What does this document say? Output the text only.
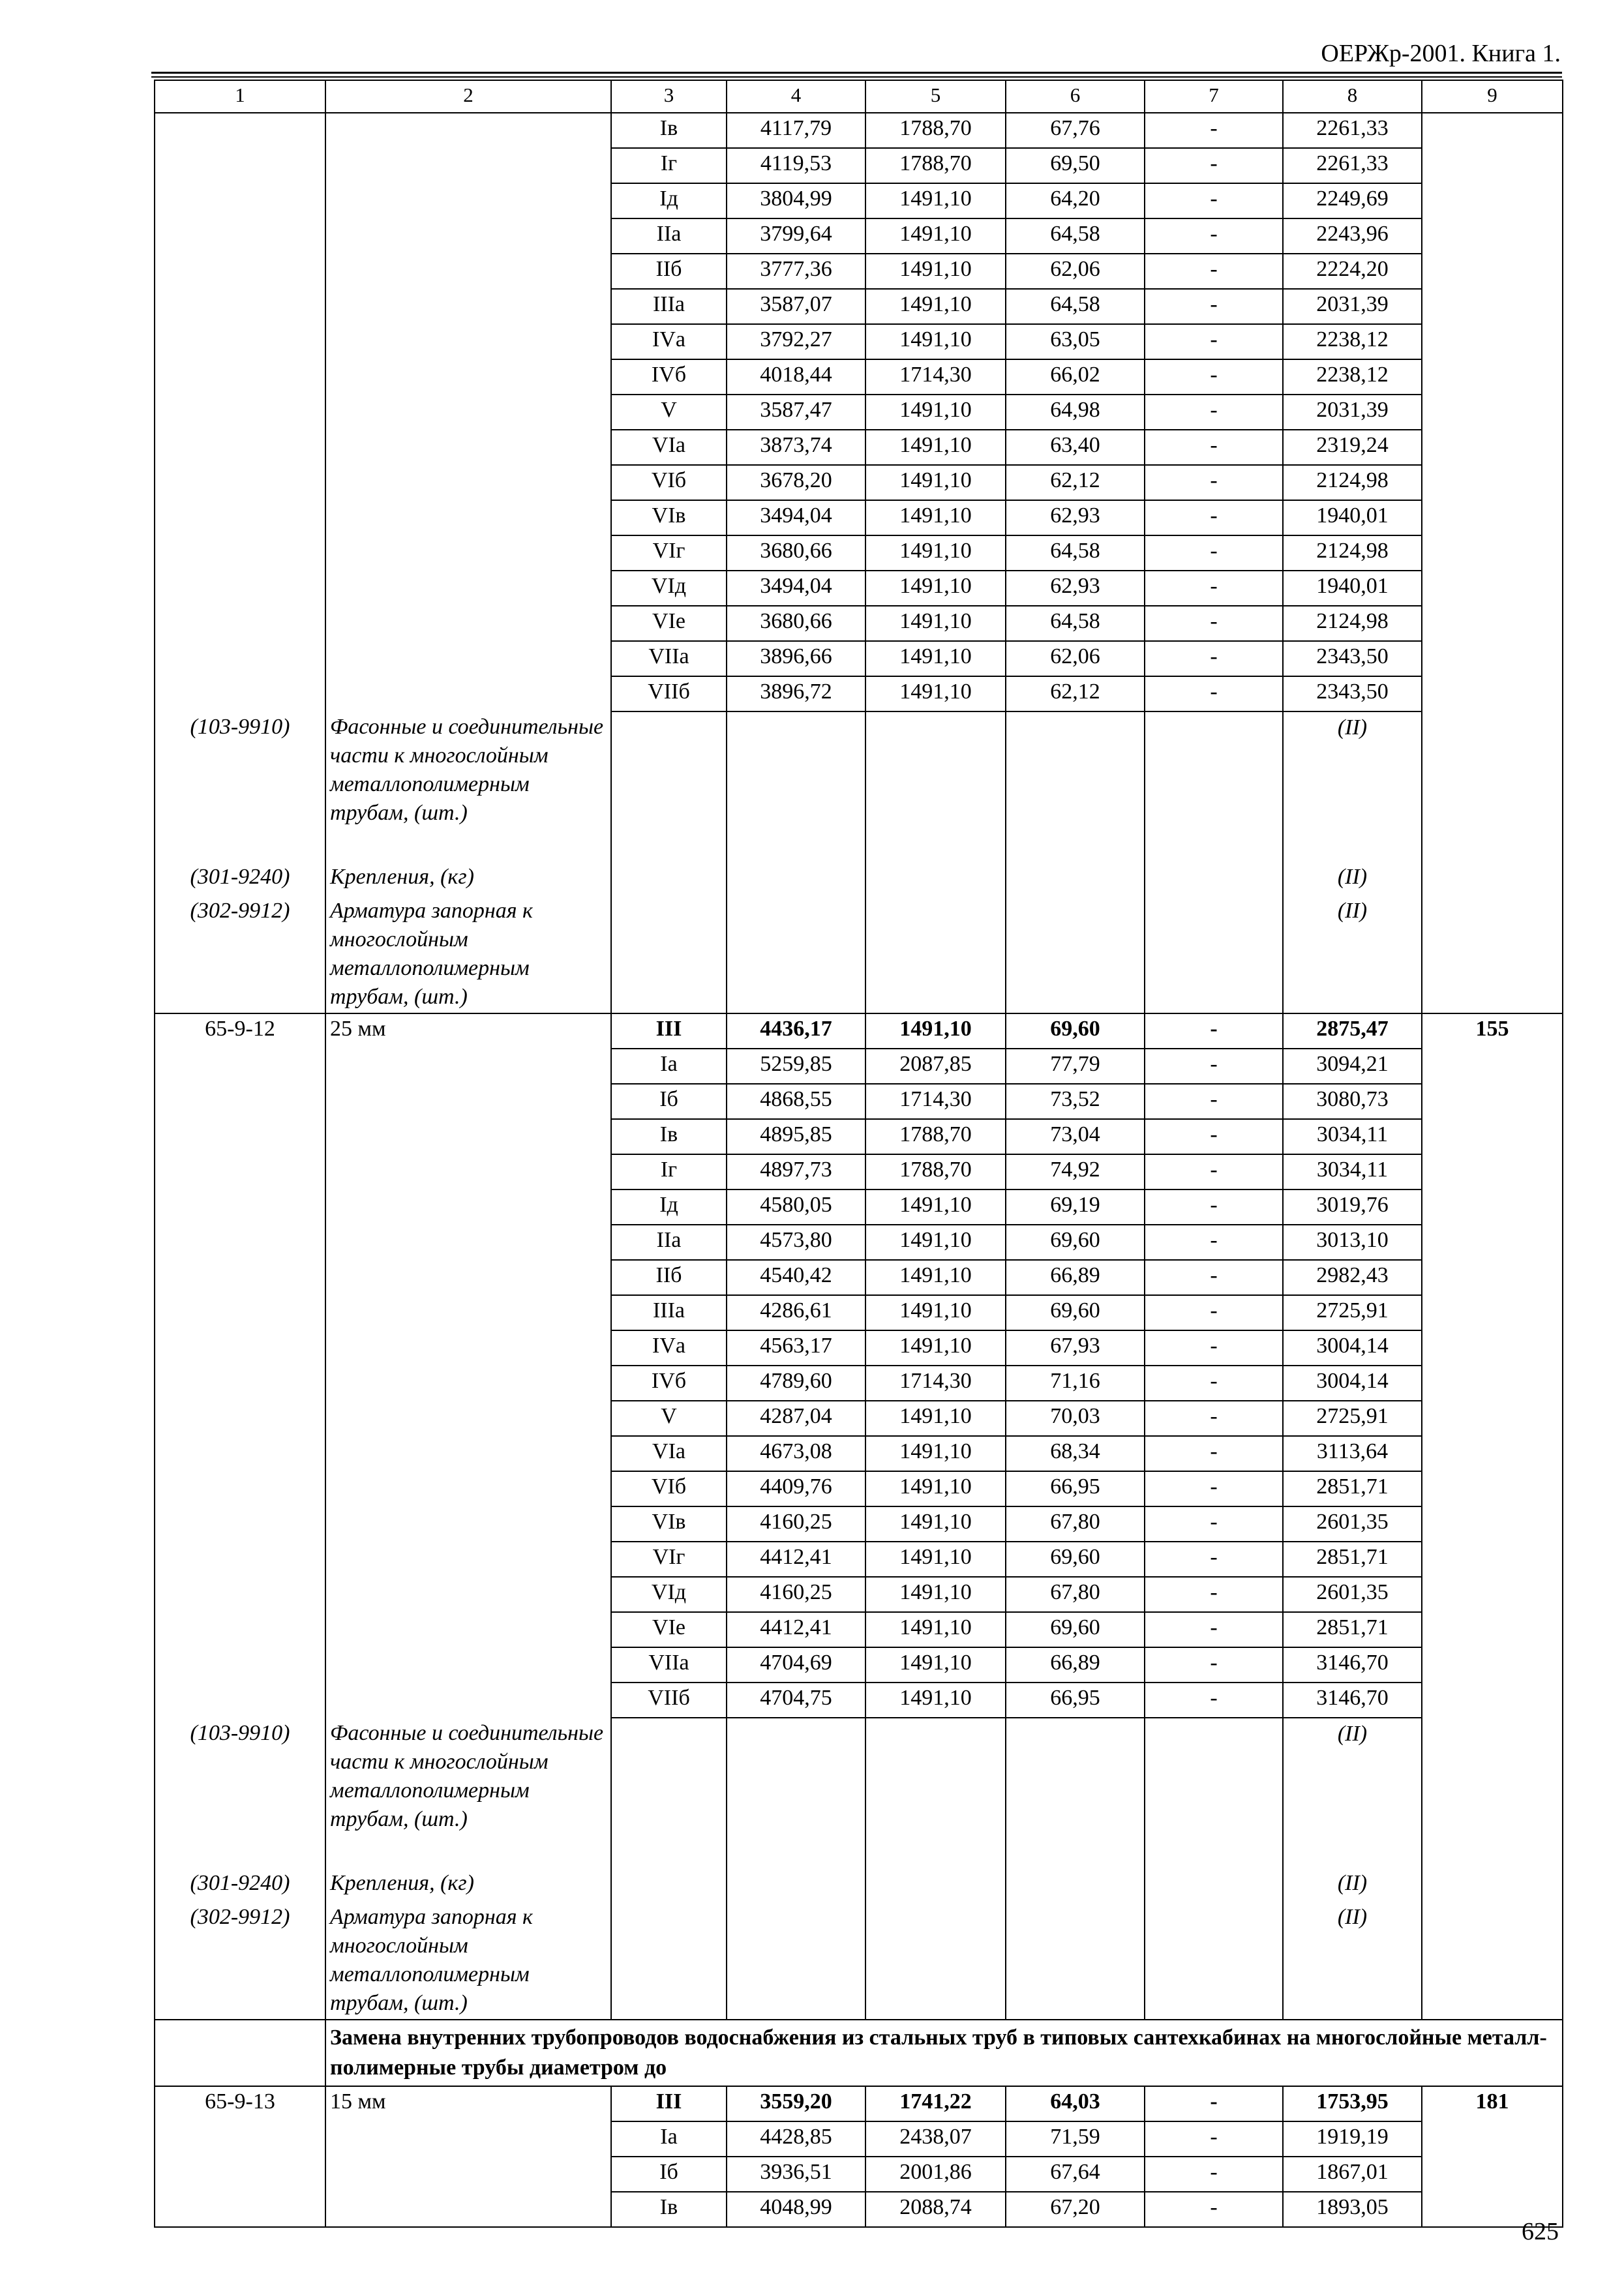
ОЕРЖр-2001. Книга 1.
1	2	3	4	5	6	7	8	9
		Iв	4117,79	1788,70	67,76	-	2261,33	
		Iг	4119,53	1788,70	69,50	-	2261,33	
		Iд	3804,99	1491,10	64,20	-	2249,69	
		IIа	3799,64	1491,10	64,58	-	2243,96	
		IIб	3777,36	1491,10	62,06	-	2224,20	
		IIIа	3587,07	1491,10	64,58	-	2031,39	
		IVа	3792,27	1491,10	63,05	-	2238,12	
		IVб	4018,44	1714,30	66,02	-	2238,12	
		V	3587,47	1491,10	64,98	-	2031,39	
		VIа	3873,74	1491,10	63,40	-	2319,24	
		VIб	3678,20	1491,10	62,12	-	2124,98	
		VIв	3494,04	1491,10	62,93	-	1940,01	
		VIг	3680,66	1491,10	64,58	-	2124,98	
		VIд	3494,04	1491,10	62,93	-	1940,01	
		VIе	3680,66	1491,10	64,58	-	2124,98	
		VIIа	3896,66	1491,10	62,06	-	2343,50	
		VIIб	3896,72	1491,10	62,12	-	2343,50	

(103-9910)	Фасонные и соединительные части к многослойным металлополимерным трубам, (шт.)						(II)	

(301-9240)	Крепления, (кг)						(II)	

(302-9912)	Арматура запорная к многослойным металлополимерным трубам, (шт.)						(II)	

65-9-12	25 мм	III	4436,17	1491,10	69,60	-	2875,47	155
		Iа	5259,85	2087,85	77,79	-	3094,21	
		Iб	4868,55	1714,30	73,52	-	3080,73	
		Iв	4895,85	1788,70	73,04	-	3034,11	
		Iг	4897,73	1788,70	74,92	-	3034,11	
		Iд	4580,05	1491,10	69,19	-	3019,76	
		IIа	4573,80	1491,10	69,60	-	3013,10	
		IIб	4540,42	1491,10	66,89	-	2982,43	
		IIIа	4286,61	1491,10	69,60	-	2725,91	
		IVа	4563,17	1491,10	67,93	-	3004,14	
		IVб	4789,60	1714,30	71,16	-	3004,14	
		V	4287,04	1491,10	70,03	-	2725,91	
		VIа	4673,08	1491,10	68,34	-	3113,64	
		VIб	4409,76	1491,10	66,95	-	2851,71	
		VIв	4160,25	1491,10	67,80	-	2601,35	
		VIг	4412,41	1491,10	69,60	-	2851,71	
		VIд	4160,25	1491,10	67,80	-	2601,35	
		VIе	4412,41	1491,10	69,60	-	2851,71	
		VIIа	4704,69	1491,10	66,89	-	3146,70	
		VIIб	4704,75	1491,10	66,95	-	3146,70	

(103-9910)	Фасонные и соединительные части к многослойным металлополимерным трубам, (шт.)						(II)	

(301-9240)	Крепления, (кг)						(II)	

(302-9912)	Арматура запорная к многослойным металлополимерным трубам, (шт.)						(II)	

	Замена внутренних трубопроводов водоснабжения из стальных труб в типовых сантехкабинах на многослойные металл-полимерные трубы диаметром до							
65-9-13	15 мм	III	3559,20	1741,22	64,03	-	1753,95	181
		Iа	4428,85	2438,07	71,59	-	1919,19	
		Iб	3936,51	2001,86	67,64	-	1867,01	
		Iв	4048,99	2088,74	67,20	-	1893,05	
625
